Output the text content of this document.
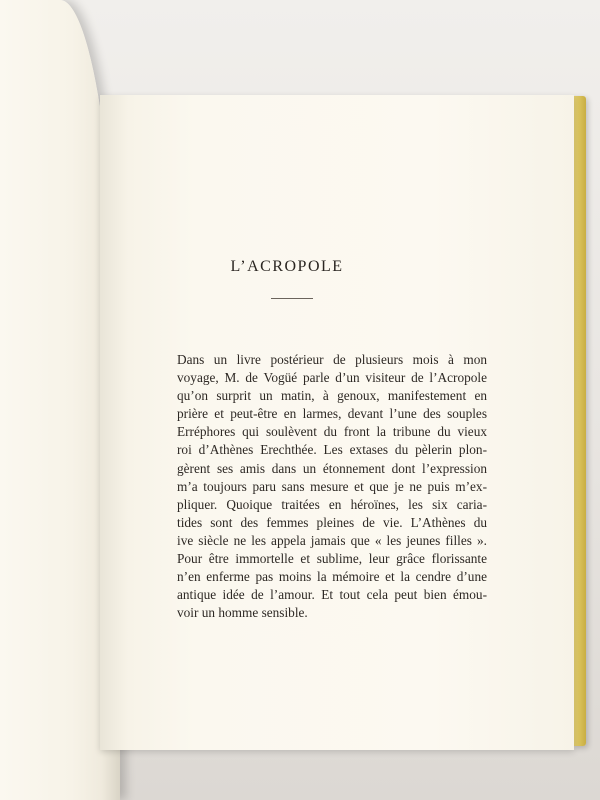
L’ACROPOLE
Dans un livre postérieur de plusieurs mois à mon
voyage, M. de Vogüé parle d’un visiteur de l’Acropole
qu’on surprit un matin, à genoux, manifestement en
prière et peut-être en larmes, devant l’une des souples
Erréphores qui soulèvent du front la tribune du vieux
roi d’Athènes Erechthée. Les extases du pèlerin plon-
gèrent ses amis dans un étonnement dont l’expression
m’a toujours paru sans mesure et que je ne puis m’ex-
pliquer. Quoique traitées en héroïnes, les six caria-
tides sont des femmes pleines de vie. L’Athènes du
ive siècle ne les appela jamais que « les jeunes filles ».
Pour être immortelle et sublime, leur grâce florissante
n’en enferme pas moins la mémoire et la cendre d’une
antique idée de l’amour. Et tout cela peut bien émou-
voir un homme sensible.
